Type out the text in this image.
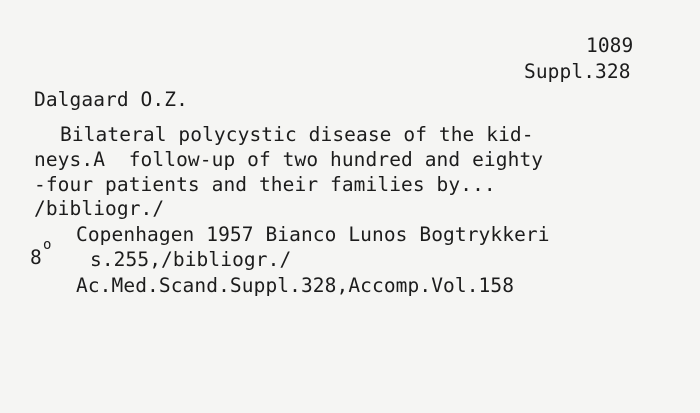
1089
Suppl.328
Dalgaard O.Z.
Bilateral polycystic disease of the kid-
neys.A  follow-up of two hundred and eighty
-four patients and their families by...
/bibliogr./
Copenhagen 1957 Bianco Lunos Bogtrykkeri
8
o
s.255,/bibliogr./
Ac.Med.Scand.Suppl.328,Accomp.Vol.158
